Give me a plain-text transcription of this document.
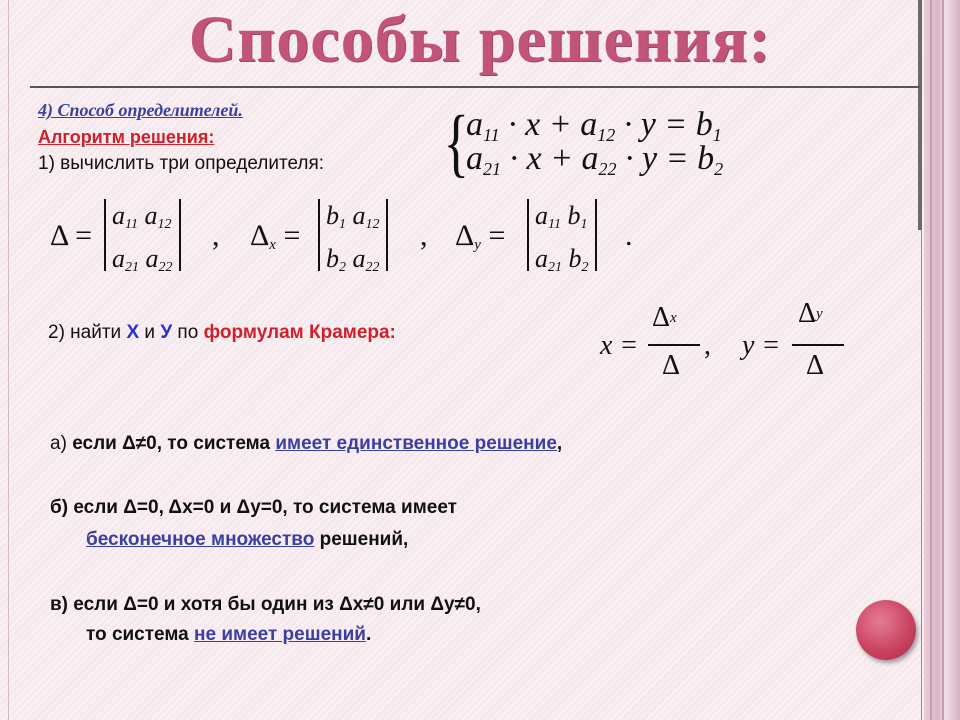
Способы решения:
4) Способ определителей.
Алгоритм решения:
1) вычислить три определителя: {
$a_{11} \cdot x + a_{12} \cdot y = b_1$
$a_{21} \cdot x + a_{22} \cdot y = b_2$
Δ =
$a_{11}$ $a_{12}$
$a_{21}$ $a_{22}$
, $\Delta_x$ =
$b_1$ $a_{12}$
$b_2$ $a_{22}$
, $\Delta_y$ =
$a_{11}$ $b_1$
$a_{21}$ $b_2$
.
2) найти Х и У по формулам Крамера:	x =
$\Delta_x$
Δ
, y =
$\Delta_y$
Δ
а) если Δ≠0, то система имеет единственное решение,
б) если Δ=0, Δх=0 и Δу=0, то система имеет
бесконечное множество решений,
в) если Δ=0 и хотя бы один из Δх≠0 или Δу≠0,
то система не имеет решений.
